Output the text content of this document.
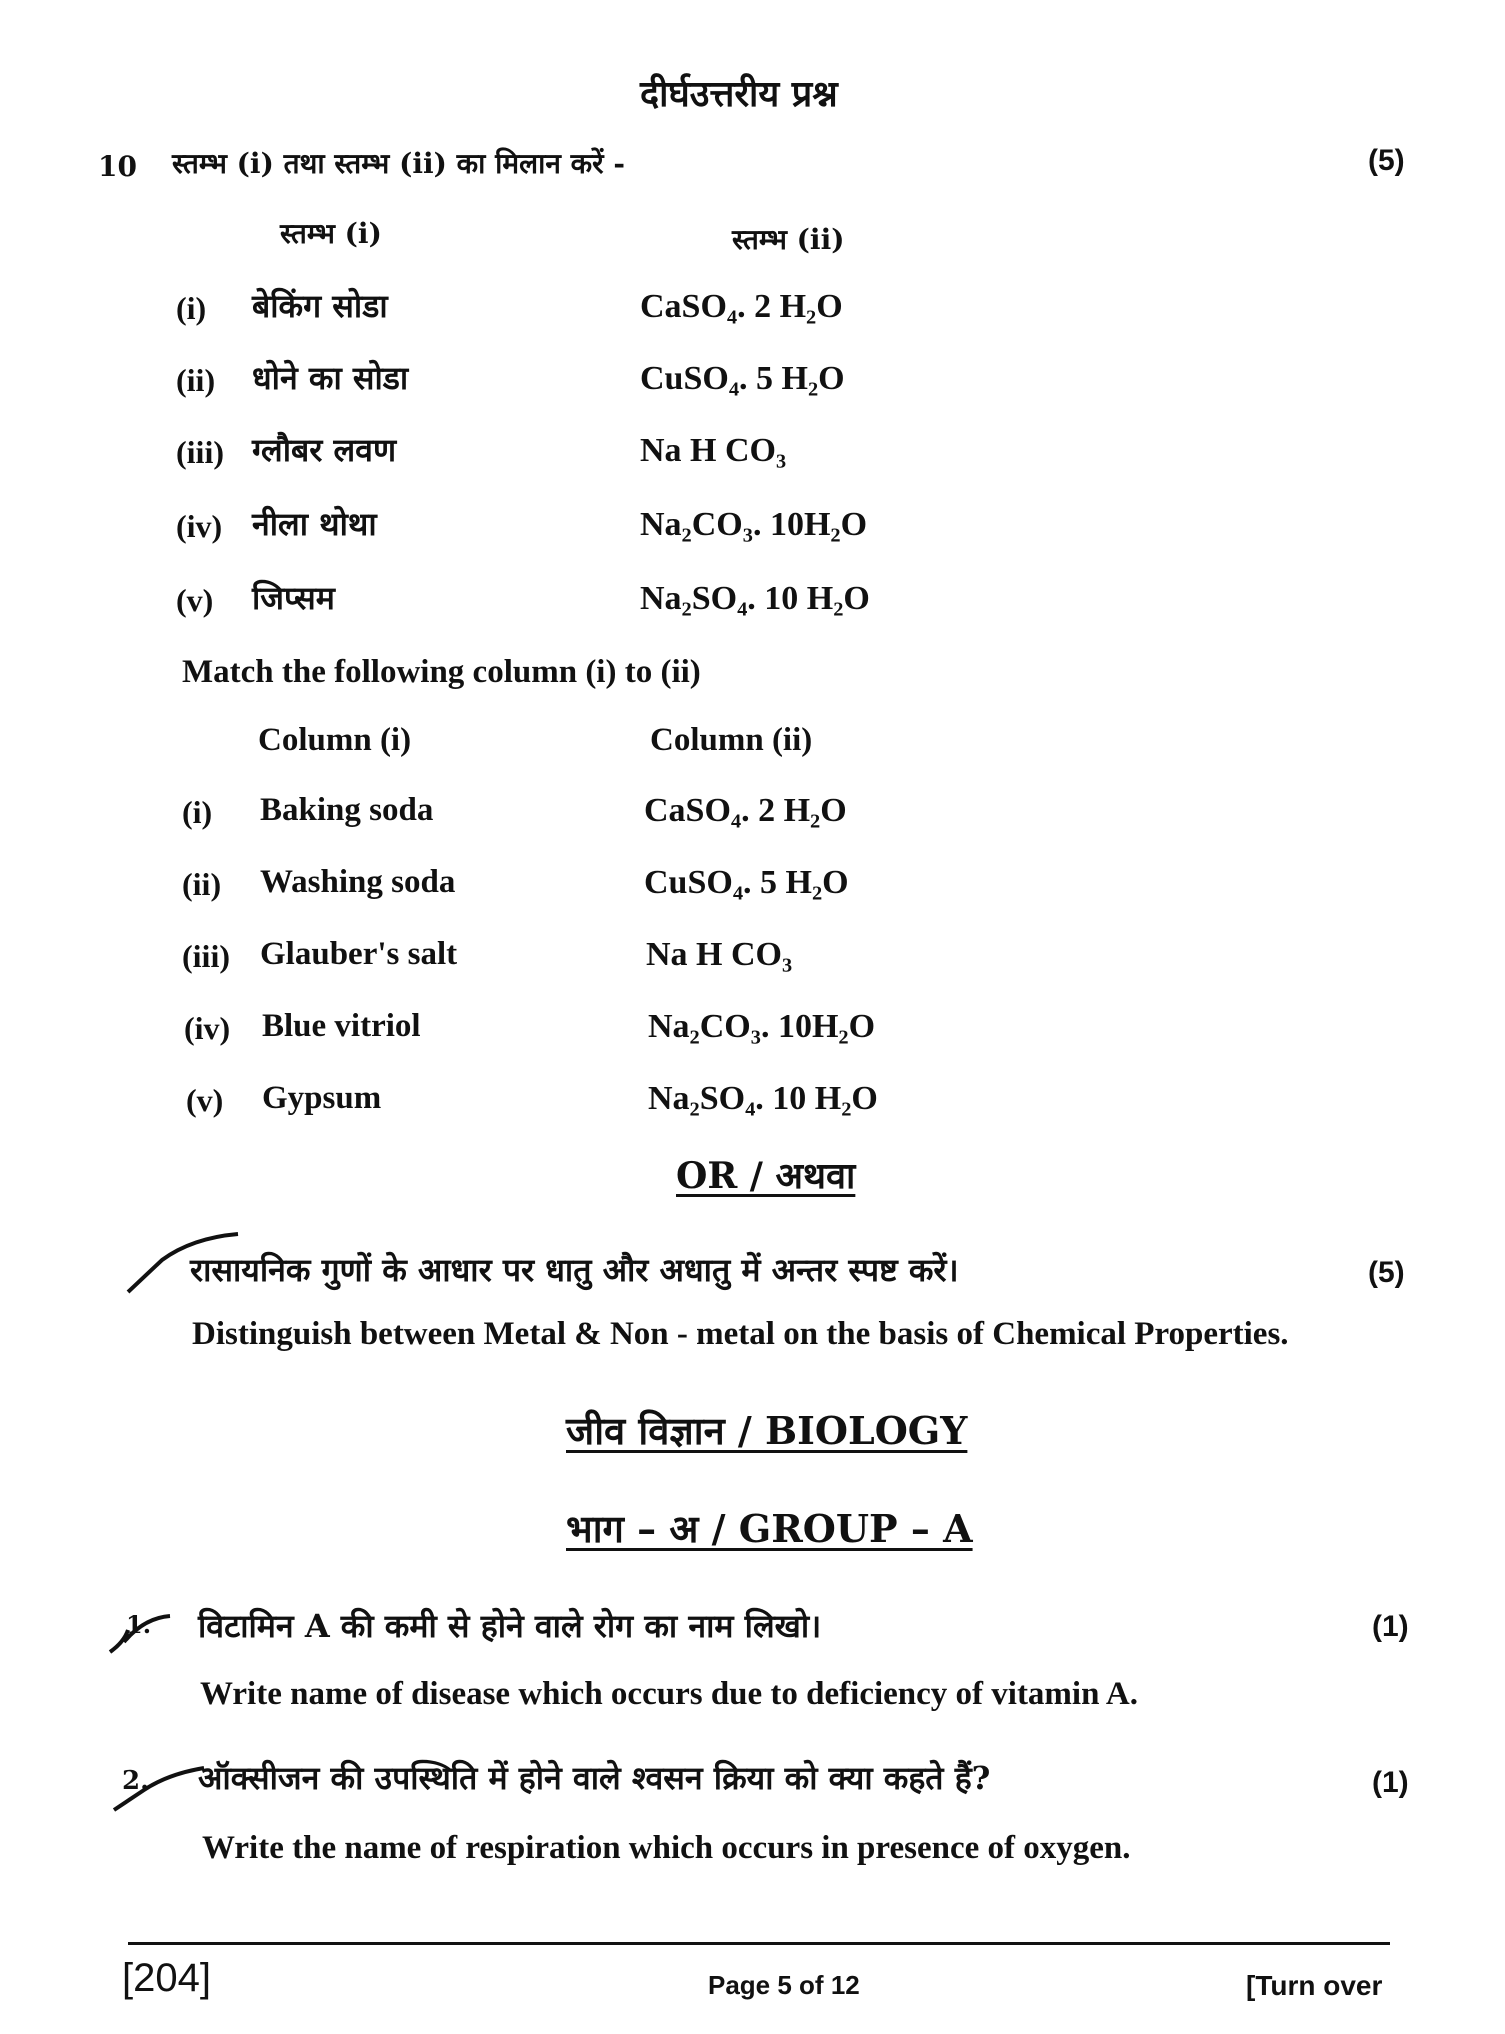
दीर्घउत्तरीय प्रश्न
10 स्तम्भ (i) तथा स्तम्भ (ii) का मिलान करें -	(5)
स्तम्भ (i)	स्तम्भ (ii)
(i) बेकिंग सोडा	CaSO₄. 2 H₂O
(ii) धोने का सोडा	CuSO₄. 5 H₂O
(iii) ग्लौबर लवण	Na H CO₃
(iv) नीला थोथा	Na₂CO₃. 10H₂O
(v) जिप्सम	Na₂SO₄. 10 H₂O
Match the following column (i) to (ii)
Column (i)	Column (ii)
(i) Baking soda	CaSO₄. 2 H₂O
(ii) Washing soda	CuSO₄. 5 H₂O
(iii) Glauber's salt	Na H CO₃
(iv) Blue vitriol	Na₂CO₃. 10H₂O
(v) Gypsum	Na₂SO₄. 10 H₂O
OR / अथवा
रासायनिक गुणों के आधार पर धातु और अधातु में अन्तर स्पष्ट करें।	(5)
Distinguish between Metal & Non - metal on the basis of Chemical Properties.
जीव विज्ञान / BIOLOGY
भाग – अ / GROUP – A
1. विटामिन A की कमी से होने वाले रोग का नाम लिखो।	(1)
Write name of disease which occurs due to deficiency of vitamin A.
2. ऑक्सीजन की उपस्थिति में होने वाले श्वसन क्रिया को क्या कहते हैं?	(1)
Write the name of respiration which occurs in presence of oxygen.
[204]	Page 5 of 12	[Turn over
